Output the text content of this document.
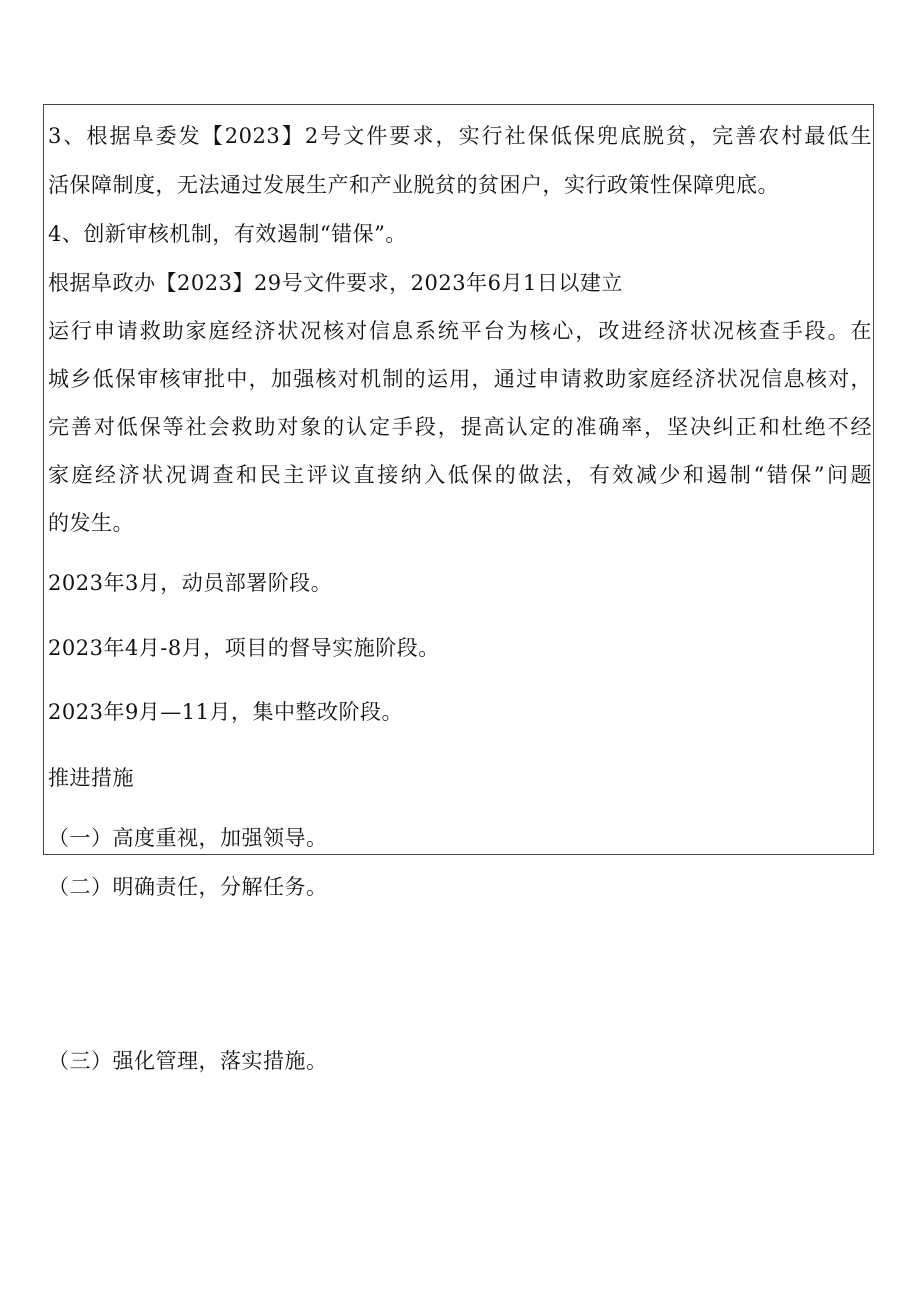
3、根据阜委发【2023】2号文件要求，实行社保低保兜底脱贫，完善农村最低生
活保障制度，无法通过发展生产和产业脱贫的贫困户，实行政策性保障兜底。
4、创新审核机制，有效遏制“错保”。
根据阜政办【2023】29号文件要求，2023年6月1日以建立
运行申请救助家庭经济状况核对信息系统平台为核心，改进经济状况核查手段。在
城乡低保审核审批中，加强核对机制的运用，通过申请救助家庭经济状况信息核对，
完善对低保等社会救助对象的认定手段，提高认定的准确率，坚决纠正和杜绝不经
家庭经济状况调查和民主评议直接纳入低保的做法，有效减少和遏制“错保”问题
的发生。
2023年3月，动员部署阶段。
2023年4月-8月，项目的督导实施阶段。
2023年9月—11月，集中整改阶段。
推进措施
（一）高度重视，加强领导。
（二）明确责任，分解任务。
（三）强化管理，落实措施。
